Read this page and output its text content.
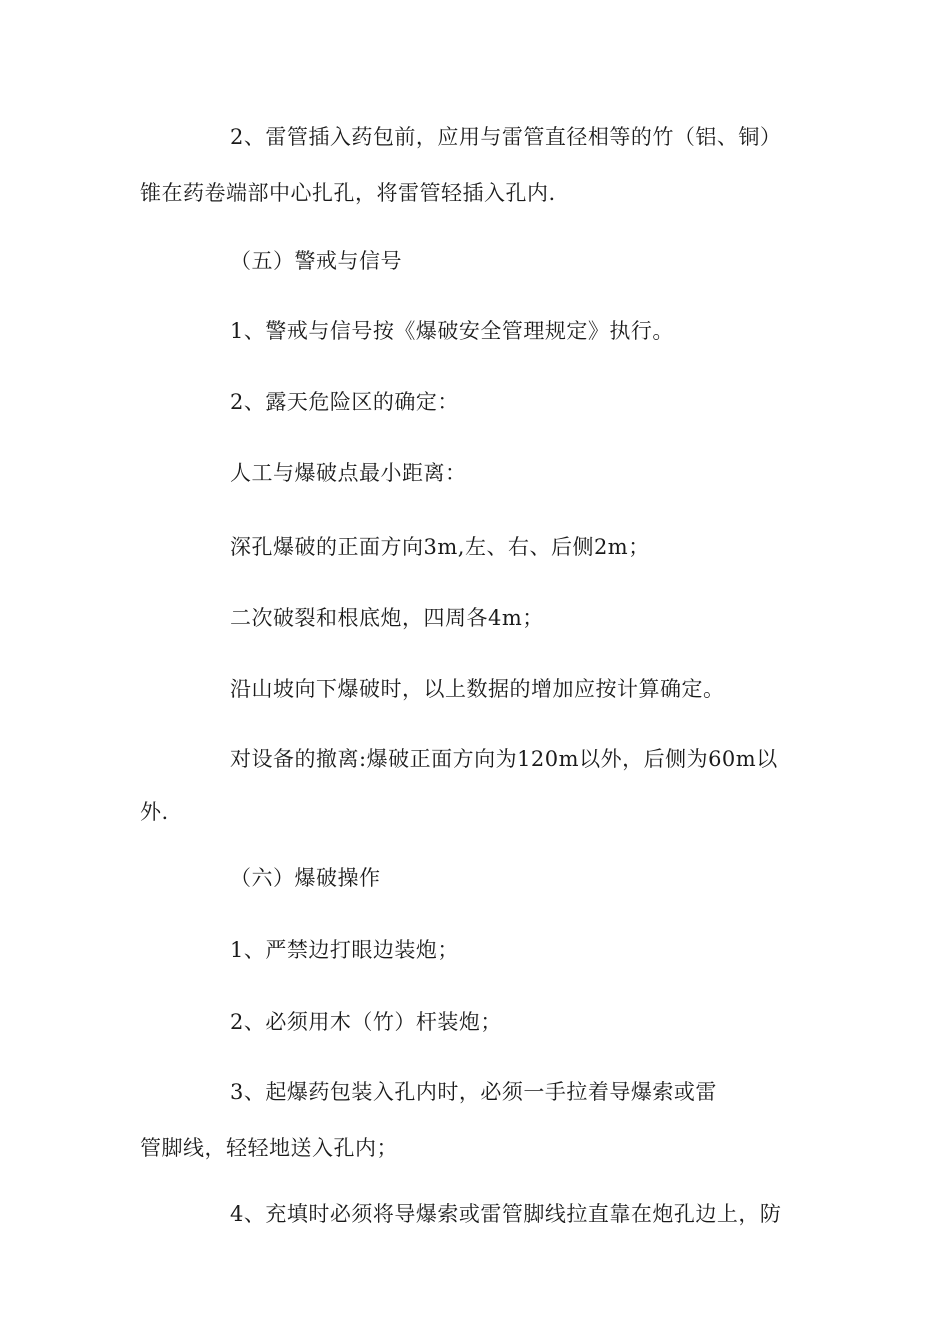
2、雷管插入药包前，应用与雷管直径相等的竹（铝、铜）
锥在药卷端部中心扎孔，将雷管轻插入孔内.
（五）警戒与信号
1、警戒与信号按《爆破安全管理规定》执行。
2、露天危险区的确定：
人工与爆破点最小距离：
深孔爆破的正面方向3m,左、右、后侧2m；
二次破裂和根底炮，四周各4m；
沿山坡向下爆破时，以上数据的增加应按计算确定。
对设备的撤离:爆破正面方向为120m以外，后侧为60m以
外.
（六）爆破操作
1、严禁边打眼边装炮；
2、必须用木（竹）杆装炮；
3、起爆药包装入孔内时，必须一手拉着导爆索或雷
管脚线，轻轻地送入孔内；
4、充填时必须将导爆索或雷管脚线拉直靠在炮孔边上，防
